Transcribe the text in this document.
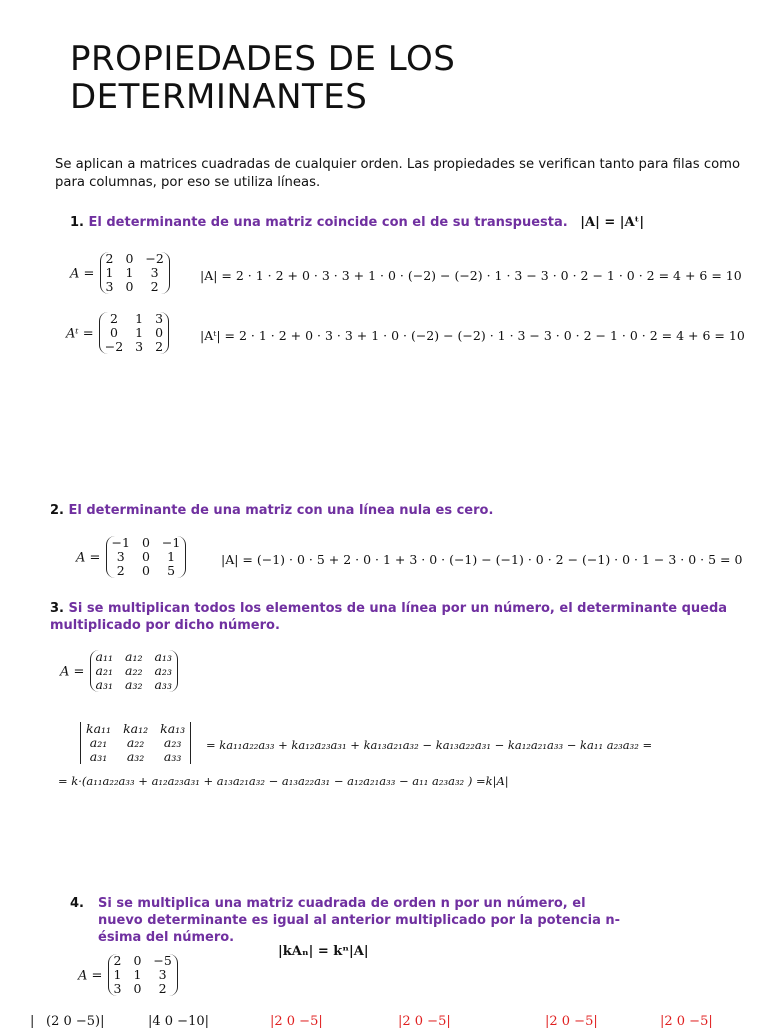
PROPIEDADES DE LOS DETERMINANTES
Se aplican a matrices cuadradas de cualquier orden. Las propiedades se verifican tanto para filas como para columnas, por eso se utiliza líneas.
1. El determinante de una matriz coincide con el de su transpuesta. |A| = |Aᵗ|
A =
2 0 −2
1 1	3
3 0	2
|A| = 2 · 1 · 2 + 0 · 3 · 3 + 1 · 0 · (−2) − (−2) · 1 · 3 − 3 · 0 · 2 − 1 · 0 · 2 = 4 + 6 = 10
Aᵗ =
2	1 3
0	1 0
−2 3 2
|Aᵗ| = 2 · 1 · 2 + 0 · 3 · 3 + 1 · 0 · (−2) − (−2) · 1 · 3 − 3 · 0 · 2 − 1 · 0 · 2 = 4 + 6 = 10
2. El determinante de una matriz con una línea nula es cero.
A =
−1 0 −1
3	0	1
2	0	5
|A| = (−1) · 0 · 5 + 2 · 0 · 1 + 3 · 0 · (−1) − (−1) · 0 · 2 − (−1) · 0 · 1 − 3 · 0 · 5 = 0
3. Si se multiplican todos los elementos de una línea por un número, el determinante queda multiplicado por dicho número.
A =
a₁₁ a₁₂ a₁₃
a₂₁ a₂₂ a₂₃
a₃₁ a₃₂ a₃₃
ka₁₁ ka₁₂ ka₁₃
a₂₁	a₂₂	a₂₃
a₃₁	a₃₂	a₃₃
= ka₁₁a₂₂a₃₃ + ka₁₂a₂₃a₃₁ + ka₁₃a₂₁a₃₂ − ka₁₃a₂₂a₃₁ − ka₁₂a₂₁a₃₃ − ka₁₁ a₂₃a₃₂ =
= k·(a₁₁a₂₂a₃₃ + a₁₂a₂₃a₃₁ + a₁₃a₂₁a₃₂ − a₁₃a₂₂a₃₁ − a₁₂a₂₁a₃₃ − a₁₁ a₂₃a₃₂ ) =k|A|
4. Si se multiplica una matriz cuadrada de orden n por un número, el nuevo determinante es igual al anterior multiplicado por la potencia n-ésima del número.
|kAₙ| = kⁿ|A|
A =
2 0 −5
1 1	3
3 0	2
| (2 0 −5)|	|4 0 −10|	|2 0 −5|	|2 0 −5|	|2 0 −5|	|2 0 −5|
